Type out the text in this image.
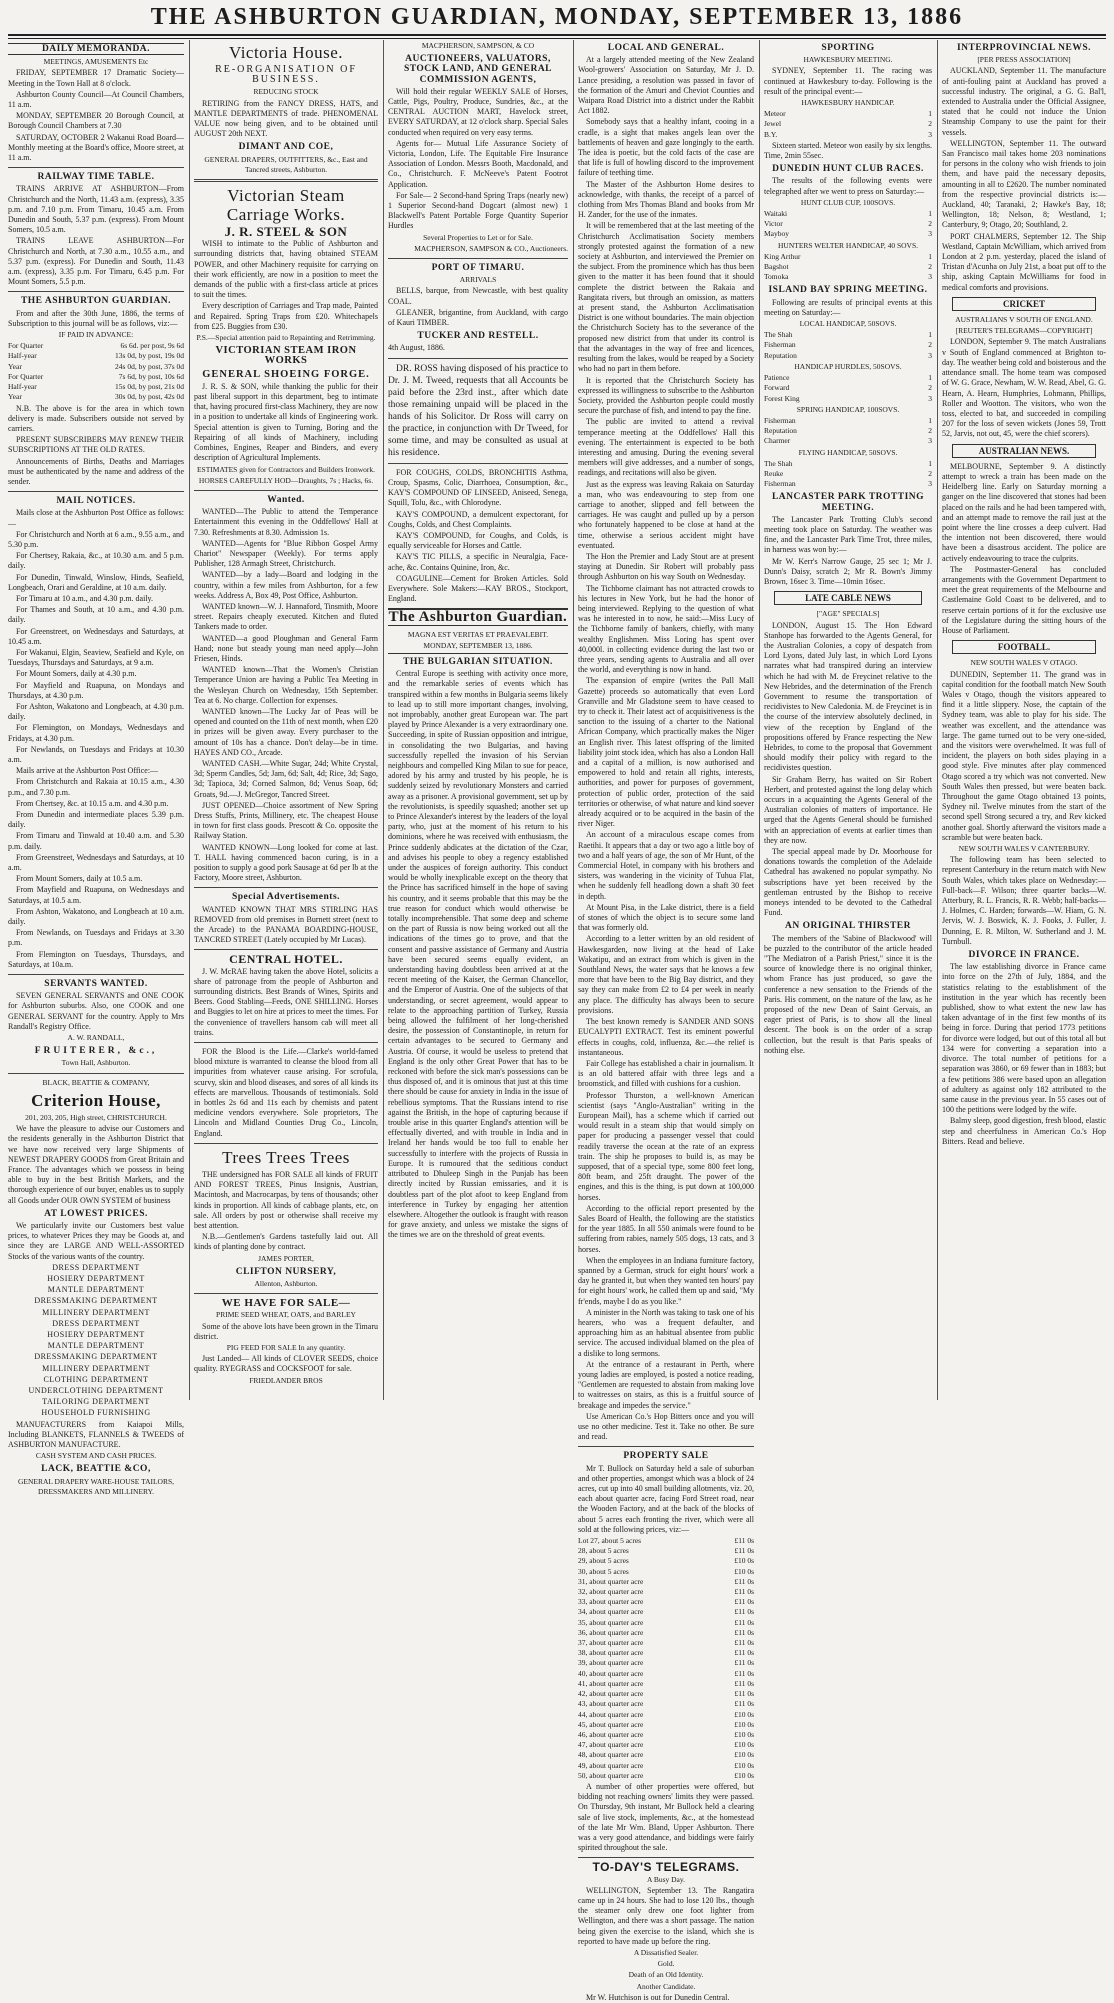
THE ASHBURTON GUARDIAN, MONDAY, SEPTEMBER 13, 1886
DAILY MEMORANDA.
MEETINGS, AMUSEMENTS Etc
FRIDAY, SEPTEMBER 17 Dramatic Society—Meeting in the Town Hall at 8 o'clock.
Ashburton County Council—At Council Chambers, 11 a.m.
MONDAY, SEPTEMBER 20 Borough Council, at Borough Council Chambers at 7.30
SATURDAY, OCTOBER 2 Wakanui Road Board—Monthly meeting at the Board's office, Moore street, at 11 a.m.
RAILWAY TIME TABLE.
TRAINS ARRIVE AT ASHBURTON—From Christchurch and the North, 11.43 a.m. (express), 3.35 p.m. and 7.10 p.m. From Timaru, 10.45 a.m. From Dunedin and South, 5.37 p.m. (express). From Mount Somers, 10.5 a.m.
TRAINS LEAVE ASHBURTON—For Christchurch and North, at 7.30 a.m., 10.55 a.m., and 5.37 p.m. (express). For Dunedin and South, 11.43 a.m. (express), 3.35 p.m. For Timaru, 6.45 p.m. For Mount Somers, 5.5 p.m.
THE ASHBURTON GUARDIAN.
From and after the 30th June, 1886, the terms of Subscription to this journal will be as follows, viz:—
IF PAID IN ADVANCE:
For Quarter	6s 6d. per post, 9s 6d
Half-year	13s 0d, by post, 19s 0d
Year	24s 0d, by post, 37s 0d
For Quarter	7s 6d, by post, 10s 6d
Half-year	15s 0d, by post, 21s 0d
Year	30s 0d, by post, 42s 0d
N.B. The above is for the area in which town delivery is made. Subscribers outside not served by carriers.
PRESENT SUBSCRIBERS MAY RENEW THEIR SUBSCRIPTIONS AT THE OLD RATES.
Announcements of Births, Deaths and Marriages must be authenticated by the name and address of the sender.
MAIL NOTICES.
Mails close at the Ashburton Post Office as follows:—
For Christchurch and North at 6 a.m., 9.55 a.m., and 5.30 p.m.
For Chertsey, Rakaia, &c., at 10.30 a.m. and 5 p.m. daily.
For Dunedin, Tinwald, Winslow, Hinds, Seafield, Longbeach, Orari and Geraldine, at 10 a.m. daily.
For Timaru at 10 a.m., and 4.30 p.m. daily.
For Thames and South, at 10 a.m., and 4.30 p.m. daily.
For Greenstreet, on Wednesdays and Saturdays, at 10.45 a.m.
For Wakanui, Elgin, Seaview, Seafield and Kyle, on Tuesdays, Thursdays and Saturdays, at 9 a.m.
For Mount Somers, daily at 4.30 p.m.
For Mayfield and Ruapuna, on Mondays and Thursdays, at 4.30 p.m.
For Ashton, Wakatono and Longbeach, at 4.30 p.m. daily.
For Flemington, on Mondays, Wednesdays and Fridays, at 4.30 p.m.
For Newlands, on Tuesdays and Fridays at 10.30 a.m.
Mails arrive at the Ashburton Post Office:—
From Christchurch and Rakaia at 10.15 a.m., 4.30 p.m., and 7.30 p.m.
From Chertsey, &c. at 10.15 a.m. and 4.30 p.m.
From Dunedin and intermediate places 5.39 p.m. daily.
From Timaru and Tinwald at 10.40 a.m. and 5.30 p.m. daily.
From Greenstreet, Wednesdays and Saturdays, at 10 a.m.
From Mount Somers, daily at 10.5 a.m.
From Mayfield and Ruapuna, on Wednesdays and Saturdays, at 10.5 a.m.
From Ashton, Wakatono, and Longbeach at 10 a.m. daily.
From Newlands, on Tuesdays and Fridays at 3.30 p.m.
From Flemington on Tuesdays, Thursdays, and Saturdays, at 10a.m.
SERVANTS WANTED.
SEVEN GENERAL SERVANTS and ONE COOK for Ashburton suburbs. Also, one COOK and one GENERAL SERVANT for the country. Apply to Mrs Randall's Registry Office.
A. W. RANDALL,
FRUITERER, &c.,
Town Hall, Ashburton.
BLACK, BEATTIE & COMPANY,
Criterion House,
201, 203, 205, High street, CHRISTCHURCH.
We have the pleasure to advise our Customers and the residents generally in the Ashburton District that we have now received very large Shipments of NEWEST DRAPERY GOODS from Great Britain and France. The advantages which we possess in being able to buy in the best British Markets, and the thorough experience of our buyer, enables us to supply all Goods under OUR OWN SYSTEM of business
AT LOWEST PRICES.
We particularly invite our Customers best value prices, to whatever Prices they may be Goods at, and since they are LARGE AND WELL-ASSORTED Stocks of the various wants of the country.
DRESS DEPARTMENT
HOSIERY DEPARTMENT
MANTLE DEPARTMENT
DRESSMAKING DEPARTMENT
MILLINERY DEPARTMENT
DRESS DEPARTMENT
HOSIERY DEPARTMENT
MANTLE DEPARTMENT
DRESSMAKING DEPARTMENT
MILLINERY DEPARTMENT
CLOTHING DEPARTMENT
UNDERCLOTHING DEPARTMENT
TAILORING DEPARTMENT
HOUSEHOLD FURNISHING
MANUFACTURERS from Kaiapoi Mills, Including BLANKETS, FLANNELS & TWEEDS of ASHBURTON MANUFACTURE.
CASH SYSTEM AND CASH PRICES.
LACK, BEATTIE &CO,
GENERAL DRAPERY WARE-HOUSE TAILORS, DRESSMAKERS AND MILLINERY.
Victoria House.
RE-ORGANISATION OF BUSINESS.
REDUCING STOCK
RETIRING from the FANCY DRESS, HATS, and MANTLE DEPARTMENTS of trade. PHENOMENAL VALUE now being given, and to be obtained until AUGUST 20th NEXT.
DIMANT AND COE,
GENERAL DRAPERS, OUTFITTERS, &c., East and Tancred streets, Ashburton.
Victorian Steam Carriage Works.
J. R. STEEL & SON
WISH to intimate to the Public of Ashburton and surrounding districts that, having obtained STEAM POWER, and other Machinery requisite for carrying on their work efficiently, are now in a position to meet the demands of the public with a first-class article at prices to suit the times.
Every description of Carriages and Trap made, Painted and Repaired. Spring Traps from £20. Whitechapels from £25. Buggies from £30.
P.S.—Special attention paid to Repainting and Retrimming.
VICTORIAN STEAM IRON WORKS
GENERAL SHOEING FORGE.
J. R. S. & SON, while thanking the public for their past liberal support in this department, beg to intimate that, having procured first-class Machinery, they are now in a position to undertake all kinds of Engineering work. Special attention is given to Turning, Boring and the Repairing of all kinds of Machinery, including Combines, Engines, Reaper and Binders, and every description of Agricultural Implements.
ESTIMATES given for Contractors and Builders Ironwork.
HORSES CAREFULLY HOD—Draughts, 7s ; Hacks, 6s.
Wanted.
WANTED—The Public to attend the Temperance Entertainment this evening in the Oddfellows' Hall at 7.30. Refreshments at 8.30. Admission 1s.
WANTED—Agents for "Blue Ribbon Gospel Army Chariot" Newspaper (Weekly). For terms apply Publisher, 128 Armagh Street, Christchurch.
WANTED—by a lady—Board and lodging in the country, within a few miles from Ashburton, for a few weeks. Address A, Box 49, Post Office, Ashburton.
WANTED known—W. J. Hannaford, Tinsmith, Moore street. Repairs cheaply executed. Kitchen and fluted Tankers made to order.
WANTED—a good Ploughman and General Farm Hand; none but steady young man need apply—John Friesen, Hinds.
WANTED known—That the Women's Christian Temperance Union are having a Public Tea Meeting in the Wesleyan Church on Wednesday, 15th September. Tea at 6. No charge. Collection for expenses.
WANTED known—The Lucky Jar of Peas will be opened and counted on the 11th of next month, when £20 in prizes will be given away. Every purchaser to the amount of 10s has a chance. Don't delay—be in time. HAYES AND CO., Arcade.
WANTED CASH.—White Sugar, 24d; White Crystal, 3d; Sperm Candles, 5d; Jam, 6d; Salt, 4d; Rice, 3d; Sago, 3d; Tapioca, 3d; Corned Salmon, 8d; Venus Soap, 6d; Groats, 9d.—J. McGregor, Tancred Street.
JUST OPENED—Choice assortment of New Spring Dress Stuffs, Prints, Millinery, etc. The cheapest House in town for first class goods. Prescott & Co. opposite the Railway Station.
WANTED KNOWN—Long looked for come at last. T. HALL having commenced bacon curing, is in a position to supply a good pork Sausage at 6d per lb at the Factory, Moore street, Ashburton.
Special Advertisements.
WANTED KNOWN THAT MRS STIRLING HAS REMOVED from old premises in Burnett street (next to the Arcade) to the PANAMA BOARDING-HOUSE, TANCRED STREET (Lately occupied by Mr Lucas).
CENTRAL HOTEL.
J. W. McRAE having taken the above Hotel, solicits a share of patronage from the people of Ashburton and surrounding districts. Best Brands of Wines, Spirits and Beers. Good Stabling—Feeds, ONE SHILLING. Horses and Buggies to let on hire at prices to meet the times. For the convenience of travellers hansom cab will meet all trains.
FOR the Blood is the Life.—Clarke's world-famed blood mixture is warranted to cleanse the blood from all impurities from whatever cause arising. For scrofula, scurvy, skin and blood diseases, and sores of all kinds its effects are marvellous. Thousands of testimonials. Sold in bottles 2s 6d and 11s each by chemists and patent medicine vendors everywhere. Sole proprietors, The Lincoln and Midland Counties Drug Co., Lincoln, England.
Trees Trees Trees
THE undersigned has FOR SALE all kinds of FRUIT AND FOREST TREES, Pinus Insignis, Austrian, Macintosh, and Macrocarpas, by tens of thousands; other kinds in proportion. All kinds of cabbage plants, etc, on sale. All orders by post or otherwise shall receive my best attention.
N.B.—Gentlemen's Gardens tastefully laid out. All kinds of planting done by contract.
JAMES PORTER,
CLIFTON NURSERY,
Allenton, Ashburton.
WE HAVE FOR SALE—
PRIME SEED WHEAT, OATS, and BARLEY
Some of the above lots have been grown in the Timaru district.
PIG FEED FOR SALE In any quantity.
Just Landed— All kinds of CLOVER SEEDS, choice quality. RYEGRASS and COCKSFOOT for sale.
FRIEDLANDER BROS
MACPHERSON, SAMPSON, & CO
AUCTIONEERS, VALUATORS, STOCK LAND, AND GENERAL COMMISSION AGENTS,
Will hold their regular WEEKLY SALE of Horses, Cattle, Pigs, Poultry, Produce, Sundries, &c., at the CENTRAL AUCTION MART, Havelock street, EVERY SATURDAY, at 12 o'clock sharp. Special Sales conducted when required on very easy terms.
Agents for— Mutual Life Assurance Society of Victoria, London, Life. The Equitable Fire Insurance Association of London. Messrs Booth, Macdonald, and Co., Christchurch. F. McNeeve's Patent Footrot Application.
For Sale— 2 Second-hand Spring Traps (nearly new) 1 Superior Second-hand Dogcart (almost new) 1 Blackwell's Patent Portable Forge Quantity Superior Hurdles
Several Properties to Let or for Sale.
MACPHERSON, SAMPSON & CO., Auctioneers.
PORT OF TIMARU.
ARRIVALS
BELLS, barque, from Newcastle, with best quality COAL.
GLEANER, brigantine, from Auckland, with cargo of Kauri TIMBER.
TUCKER AND RESTELL.
4th August, 1886.
DR. ROSS having disposed of his practice to Dr. J. M. Tweed, requests that all Accounts be paid before the 23rd inst., after which date those remaining unpaid will be placed in the hands of his Solicitor. Dr Ross will carry on the practice, in conjunction with Dr Tweed, for some time, and may be consulted as usual at his residence.
FOR COUGHS, COLDS, BRONCHITIS Asthma, Croup, Spasms, Colic, Diarrhoea, Consumption, &c., KAY'S COMPOUND OF LINSEED, Aniseed, Senega, Squill, Tolu, &c., with Chlorodyne.
KAY'S COMPOUND, a demulcent expectorant, for Coughs, Colds, and Chest Complaints.
KAY'S COMPOUND, for Coughs, and Colds, is equally serviceable for Horses and Cattle.
KAY'S TIC PILLS, a specific in Neuralgia, Face-ache, &c. Contains Quinine, Iron, &c.
COAGULINE—Cement for Broken Articles. Sold Everywhere. Sole Makers:—KAY BROS., Stockport, England.
The Ashburton Guardian.
MAGNA EST VERITAS ET PRAEVALEBIT.
MONDAY, SEPTEMBER 13, 1886.
THE BULGARIAN SITUATION.
Central Europe is seething with activity once more, and the remarkable series of events which has transpired within a few months in Bulgaria seems likely to lead up to still more important changes, involving, not improbably, another great European war. The part played by Prince Alexander is a very extraordinary one. Succeeding, in spite of Russian opposition and intrigue, in consolidating the two Bulgarias, and having successfully repelled the invasion of his Servian neighbours and compelled King Milan to sue for peace, adored by his army and trusted by his people, he is suddenly seized by revolutionary Monsters and carried away as a prisoner. A provisional government, set up by the revolutionists, is speedily squashed; another set up to Prince Alexander's interest by the leaders of the loyal party, who, just at the moment of his return to his dominions, where he was received with enthusiasm, the Prince suddenly abdicates at the dictation of the Czar, and advises his people to obey a regency established under the auspices of foreign authority. This conduct would be wholly inexplicable except on the theory that the Prince has sacrificed himself in the hope of saving his country, and it seems probable that this may be the true reason for conduct which would otherwise be totally incomprehensible. That some deep and scheme on the part of Russia is now being worked out all the indications of the times go to prove, and that the consent and passive assistance of Germany and Austria have been secured seems equally evident, an understanding having doubtless been arrived at at the recent meeting of the Kaiser, the German Chancellor, and the Emperor of Austria. One of the subjects of that understanding, or secret agreement, would appear to relate to the approaching partition of Turkey, Russia being allowed the fulfilment of her long-cherished desire, the possession of Constantinople, in return for certain advantages to be secured to Germany and Austria. Of course, it would be useless to pretend that England is the only other Great Power that has to be reckoned with before the sick man's possessions can be thus disposed of, and it is ominous that just at this time there should be cause for anxiety in India in the issue of rebellious symptoms. That the Russians intend to rise against the British, in the hope of capturing because if trouble arise in this quarter England's attention will be effectually diverted, and with trouble in India and in Ireland her hands would be too full to enable her successfully to interfere with the projects of Russia in Europe. It is rumoured that the seditious conduct attributed to Dhuleep Singh in the Punjab has been directly incited by Russian emissaries, and it is doubtless part of the plot afoot to keep England from interference in Turkey by engaging her attention elsewhere. Altogether the outlook is fraught with reason for grave anxiety, and unless we mistake the signs of the times we are on the threshold of great events.
LOCAL AND GENERAL.
At a largely attended meeting of the New Zealand Wool-growers' Association on Saturday, Mr J. D. Lance presiding, a resolution was passed in favor of the formation of the Amuri and Cheviot Counties and Waipara Road District into a district under the Rabbit Act 1882.
Somebody says that a healthy infant, cooing in a cradle, is a sight that makes angels lean over the battlements of heaven and gaze longingly to the earth. The idea is poetic, but the cold facts of the case are that life is full of howling discord to the improvement failure of teething time.
The Master of the Ashburton Home desires to acknowledge, with thanks, the receipt of a parcel of clothing from Mrs Thomas Bland and books from Mr H. Zander, for the use of the inmates.
It will be remembered that at the last meeting of the Christchurch Acclimatisation Society members strongly protested against the formation of a new society at Ashburton, and interviewed the Premier on the subject. From the prominence which has thus been given to the matter it has been found that it should complete the district between the Rakaia and Rangitata rivers, but through an omission, as matters at present stand, the Ashburton Acclimatisation District is one without boundaries. The main objection the Christchurch Society has to the severance of the proposed new district from that under its control is that the advantages in the way of free and licences, resulting from the lakes, would be reaped by a Society who had no part in them before.
It is reported that the Christchurch Society has expressed its willingness to subscribe to the Ashburton Society, provided the Ashburton people could mostly secure the purchase of fish, and intend to pay the fine.
The public are invited to attend a revival temperance meeting at the Oddfellows' Hall this evening. The entertainment is expected to be both interesting and amusing. During the evening several members will give addresses, and a number of songs, readings, and recitations will also be given.
Just as the express was leaving Rakaia on Saturday a man, who was endeavouring to step from one carriage to another, slipped and fell between the carriages. He was caught and pulled up by a person who fortunately happened to be close at hand at the time, otherwise a serious accident might have eventuated.
The Hon the Premier and Lady Stout are at present staying at Dunedin. Sir Robert will probably pass through Ashburton on his way South on Wednesday.
The Tichborne claimant has not attracted crowds to his lectures in New York, but he had the honor of being interviewed. Replying to the question of what was he interested in to now, he said:—Miss Lucy of the Tichborne family of bankers, chiefly, with many wealthy Englishmen. Miss Loring has spent over 40,000l. in collecting evidence during the last two or three years, sending agents to Australia and all over the world, and everything is now in hand.
The expansion of empire (writes the Pall Mall Gazette) proceeds so automatically that even Lord Granville and Mr Gladstone seem to have ceased to try to check it. Their latest act of acquisitiveness is the sanction to the issuing of a charter to the National African Company, which practically makes the Niger an English river. This latest offspring of the limited liability joint stock idea, which has also a London Hall and a capital of a million, is now authorised and empowered to hold and retain all rights, interests, authorities, and power for purposes of government, protection of public order, protection of the said territories or otherwise, of what nature and kind soever already acquired or to be acquired in the basin of the river Niger.
An account of a miraculous escape comes from Raetihi. It appears that a day or two ago a little boy of two and a half years of age, the son of Mr Hunt, of the Commercial Hotel, in company with his brothers and sisters, was wandering in the vicinity of Tuhua Flat, when he suddenly fell headlong down a shaft 30 feet in depth.
At Mount Pisa, in the Lake district, there is a field of stones of which the object is to secure some land that was formerly old.
According to a letter written by an old resident of Hawkesgarden, now living at the head of Lake Wakatipu, and an extract from which is given in the Southland News, the water says that he knows a few more that have been to the Big Bay district, and they say they can make from £2 to £4 per week in nearly any place. The difficulty has always been to secure provisions.
The best known remedy is SANDER AND SONS EUCALYPTI EXTRACT. Test its eminent powerful effects in coughs, cold, influenza, &c.—the relief is instantaneous.
Fair College has established a chair in journalism. It is an old battered affair with three legs and a broomstick, and filled with cushions for a cushion.
Professor Thurston, a well-known American scientist (says "Anglo-Australian" writing in the European Mail), has a scheme which if carried out would result in a steam ship that would simply on paper for producing a passenger vessel that could readily traverse the ocean at the rate of an express train. The ship he proposes to build is, as may be supposed, that of a special type, some 800 feet long, 80ft beam, and 25ft draught. The power of the engines, and this is the thing, is put down at 100,000 horses.
According to the official report presented by the Sales Board of Health, the following are the statistics for the year 1885. In all 550 animals were found to be suffering from rabies, namely 505 dogs, 13 cats, and 3 horses.
When the employees in an Indiana furniture factory, spanned by a German, struck for eight hours' work a day he granted it, but when they wanted ten hours' pay for eight hours' work, he called them up and said, "My fr'ends, maybe I do as you like."
A minister in the North was taking to task one of his hearers, who was a frequent defaulter, and approaching him as an habitual absentee from public service. The accused individual blamed on the plea of a dislike to long sermons.
At the entrance of a restaurant in Perth, where young ladies are employed, is posted a notice reading, "Gentlemen are requested to abstain from making love to waitresses on stairs, as this is a fruitful source of breakage and impedes the service."
Use American Co.'s Hop Bitters once and you will use no other medicine. Test it. Take no other. Be sure and read.
PROPERTY SALE
Mr T. Bullock on Saturday held a sale of suburban and other properties, amongst which was a block of 24 acres, cut up into 40 small building allotments, viz. 20, each about quarter acre, facing Ford Street road, near the Wooden Factory, and at the back of the blocks of about 5 acres each fronting the river, which were all sold at the following prices, viz:—
Lot 27, about 5 acres	£11 0s
28, about 5 acres	£11 0s
29, about 5 acres	£10 0s
30, about 5 acres	£10 0s
31, about quarter acre	£11 0s
32, about quarter acre	£11 0s
33, about quarter acre	£11 0s
34, about quarter acre	£11 0s
35, about quarter acre	£11 0s
36, about quarter acre	£11 0s
37, about quarter acre	£11 0s
38, about quarter acre	£11 0s
39, about quarter acre	£11 0s
40, about quarter acre	£11 0s
41, about quarter acre	£11 0s
42, about quarter acre	£11 0s
43, about quarter acre	£11 0s
44, about quarter acre	£10 0s
45, about quarter acre	£10 0s
46, about quarter acre	£10 0s
47, about quarter acre	£10 0s
48, about quarter acre	£10 0s
49, about quarter acre	£10 0s
50, about quarter acre	£10 0s
A number of other properties were offered, but bidding not reaching owners' limits they were passed. On Thursday, 9th instant, Mr Bullock held a clearing sale of live stock, implements, &c., at the homestead of the late Mr Wm. Bland, Upper Ashburton. There was a very good attendance, and biddings were fairly spirited throughout the sale.
TO-DAY'S TELEGRAMS.
A Busy Day.
WELLINGTON, September 13. The Rangatira came up in 24 hours. She had to lose 120 lbs., though the steamer only drew one foot lighter from Wellington, and there was a short passage. The nation being given the exercise to the island, which she is reported to have made up before the ring.
A Dissatisfied Sealer.
Gold.
Death of an Old Identity.
Another Candidate.
Mr W. Hutchison is out for Dunedin Central.
SPORTING
HAWKESBURY MEETING.
SYDNEY, September 11. The racing was continued at Hawkesbury to-day. Following is the result of the principal event:—
HAWKESBURY HANDICAP.
Meteor	1
Jewel	2
B.Y.	3
Sixteen started. Meteor won easily by six lengths. Time, 2min 55sec.
DUNEDIN HUNT CLUB RACES.
The results of the following events were telegraphed after we went to press on Saturday:—
HUNT CLUB CUP, 100SOVS.
Waitaki	1
Victor	2
Mayboy	3
HUNTERS WELTER HANDICAP, 40 SOVS.
King Arthur	1
Bagshot	2
Tomoka	3
ISLAND BAY SPRING MEETING.
Following are results of principal events at this meeting on Saturday:—
LOCAL HANDICAP, 50SOVS.
The Shah	1
Fisherman	2
Reputation	3
HANDICAP HURDLES, 50SOVS.
Patience	1
Forward	2
Forest King	3
SPRING HANDICAP, 100SOVS.
Fisherman	1
Reputation	2
Charmer	3
FLYING HANDICAP, 50SOVS.
The Shah	1
Reuke	2
Fisherman	3
LANCASTER PARK TROTTING MEETING.
The Lancaster Park Trotting Club's second meeting took place on Saturday. The weather was fine, and the Lancaster Park Time Trot, three miles, in harness was won by:—
Mr W. Kerr's Narrow Gauge, 25 sec 1; Mr J. Dunn's Daisy, scratch 2; Mr R. Bown's Jimmy Brown, 16sec 3. Time—10min 16sec.
LATE CABLE NEWS
["AGE" SPECIALS]
LONDON, August 15. The Hon Edward Stanhope has forwarded to the Agents General, for the Australian Colonies, a copy of despatch from Lord Lyons, dated July last, in which Lord Lyons narrates what had transpired during an interview which he had with M. de Freycinet relative to the New Hebrides, and the determination of the French Government to resume the transportation of recidivistes to New Caledonia. M. de Freycinet is in the course of the interview absolutely declined, in view of the reception by England of the propositions offered by France respecting the New Hebrides, to come to the proposal that Government should modify their policy with regard to the recidivistes question.
Sir Graham Berry, has waited on Sir Robert Herbert, and protested against the long delay which occurs in a acquainting the Agents General of the Australian colonies of matters of importance. He urged that the Agents General should be furnished with an appreciation of events at earlier times than they are now.
The special appeal made by Dr. Moorhouse for donations towards the completion of the Adelaide Cathedral has awakened no popular sympathy. No subscriptions have yet been received by the gentleman entrusted by the Bishop to receive moneys intended to be devoted to the Cathedral Fund.
AN ORIGINAL THIRSTER
The members of the 'Sabine of Blackwood' will be puzzled to the contributor of the article headed "The Mediatron of a Parish Priest," since it is the source of knowledge there is no original thinker, whom France has just produced, so gave the conference a new sensation to the Friends of the Paris. His comment, on the nature of the law, as he proposed of the new Dean of Saint Gervais, an eager priest of Paris, is to show all the lineal descent. The book is on the order of a scrap collection, but the result is that Paris speaks of nothing else.
INTERPROVINCIAL NEWS.
[PER PRESS ASSOCIATION]
AUCKLAND, September 11. The manufacture of anti-fouling paint at Auckland has proved a successful industry. The original, a G. G. Bal'l, extended to Australia under the Official Assignee, stated that he could not induce the Union Steamship Company to use the paint for their vessels.
WELLINGTON, September 11. The outward San Francisco mail takes home 203 nominations for persons in the colony who wish friends to join them, and have paid the necessary deposits, amounting in all to £2620. The number nominated from the respective provincial districts is:—Auckland, 40; Taranaki, 2; Hawke's Bay, 18; Wellington, 18; Nelson, 8; Westland, 1; Canterbury, 9; Otago, 20; Southland, 2.
PORT CHALMERS, September 12. The Ship Westland, Captain McWilliam, which arrived from London at 2 p.m. yesterday, placed the island of Tristan d'Acunha on July 21st, a boat put off to the ship, asking Captain McWilliams for food in medical comforts and provisions.
CRICKET
AUSTRALIANS V SOUTH OF ENGLAND.
[REUTER'S TELEGRAMS—COPYRIGHT]
LONDON, September 9. The match Australians v South of England commenced at Brighton to-day. The weather being cold and boisterous and the attendance small. The home team was composed of W. G. Grace, Newham, W. W. Read, Abel, G. G. Hearn, A. Hearn, Humphries, Lohmann, Phillips, Roller and Wootton. The visitors, who won the toss, elected to bat, and succeeded in compiling 207 for the loss of seven wickets (Jones 59, Trott 52, Jarvis, not out, 45, were the chief scorers).
AUSTRALIAN NEWS.
MELBOURNE, September 9. A distinctly attempt to wreck a train has been made on the Heidelberg line. Early on Saturday morning a ganger on the line discovered that stones had been placed on the rails and he had been tampered with, and an attempt made to remove the rail just at the point where the line crosses a deep culvert. Had the intention not been discovered, there would have been a disastrous accident. The police are actively endeavouring to trace the culprits.
The Postmaster-General has concluded arrangements with the Government Department to meet the great requirements of the Melbourne and Castlemaine Gold Coast to be delivered, and to reserve certain portions of it for the exclusive use of the Legislature during the sitting hours of the House of Parliament.
FOOTBALL.
NEW SOUTH WALES V OTAGO.
DUNEDIN, September 11. The grand was in capital condition for the football match New South Wales v Otago, though the visitors appeared to find it a little slippery. Nose, the captain of the Sydney team, was able to play for his side. The weather was excellent, and the attendance was large. The game turned out to be very one-sided, and the visitors were overwhelmed. It was full of incident, the players on both sides playing in a good style. Five minutes after play commenced Otago scored a try which was not converted. New South Wales then pressed, but were beaten back. Throughout the game Otago obtained 13 points, Sydney nil. Twelve minutes from the start of the second spell Strong secured a try, and Rev kicked another goal. Shortly afterward the visitors made a scramble but were beaten back.
NEW SOUTH WALES V CANTERBURY.
The following team has been selected to represent Canterbury in the return match with New South Wales, which takes place on Wednesday:—Full-back—F. Wilson; three quarter backs—W. Atterbury, R. L. Francis, R. R. Webb; half-backs—J. Holmes, C. Harden; forwards—W. Hiam, G. N. Jervis, W. J. Boswick, K. J. Fooks, J. Fuller, J. Dunning, E. R. Milton, W. Sutherland and J. M. Turnbull.
DIVORCE IN FRANCE.
The law establishing divorce in France came into force on the 27th of July, 1884, and the statistics relating to the establishment of the institution in the year which has recently been published, show to what extent the new law has taken advantage of in the first few months of its being in force. During that period 1773 petitions for divorce were lodged, but out of this total all but 134 were for converting a separation into a divorce. The total number of petitions for a separation was 3860, or 69 fewer than in 1883; but a few petitions 386 were based upon an allegation of adultery as against only 182 attributed to the same cause in the previous year. In 55 cases out of 100 the petitions were lodged by the wife.
Balmy sleep, good digestion, fresh blood, elastic step and cheerfulness in American Co.'s Hop Bitters. Read and believe.
